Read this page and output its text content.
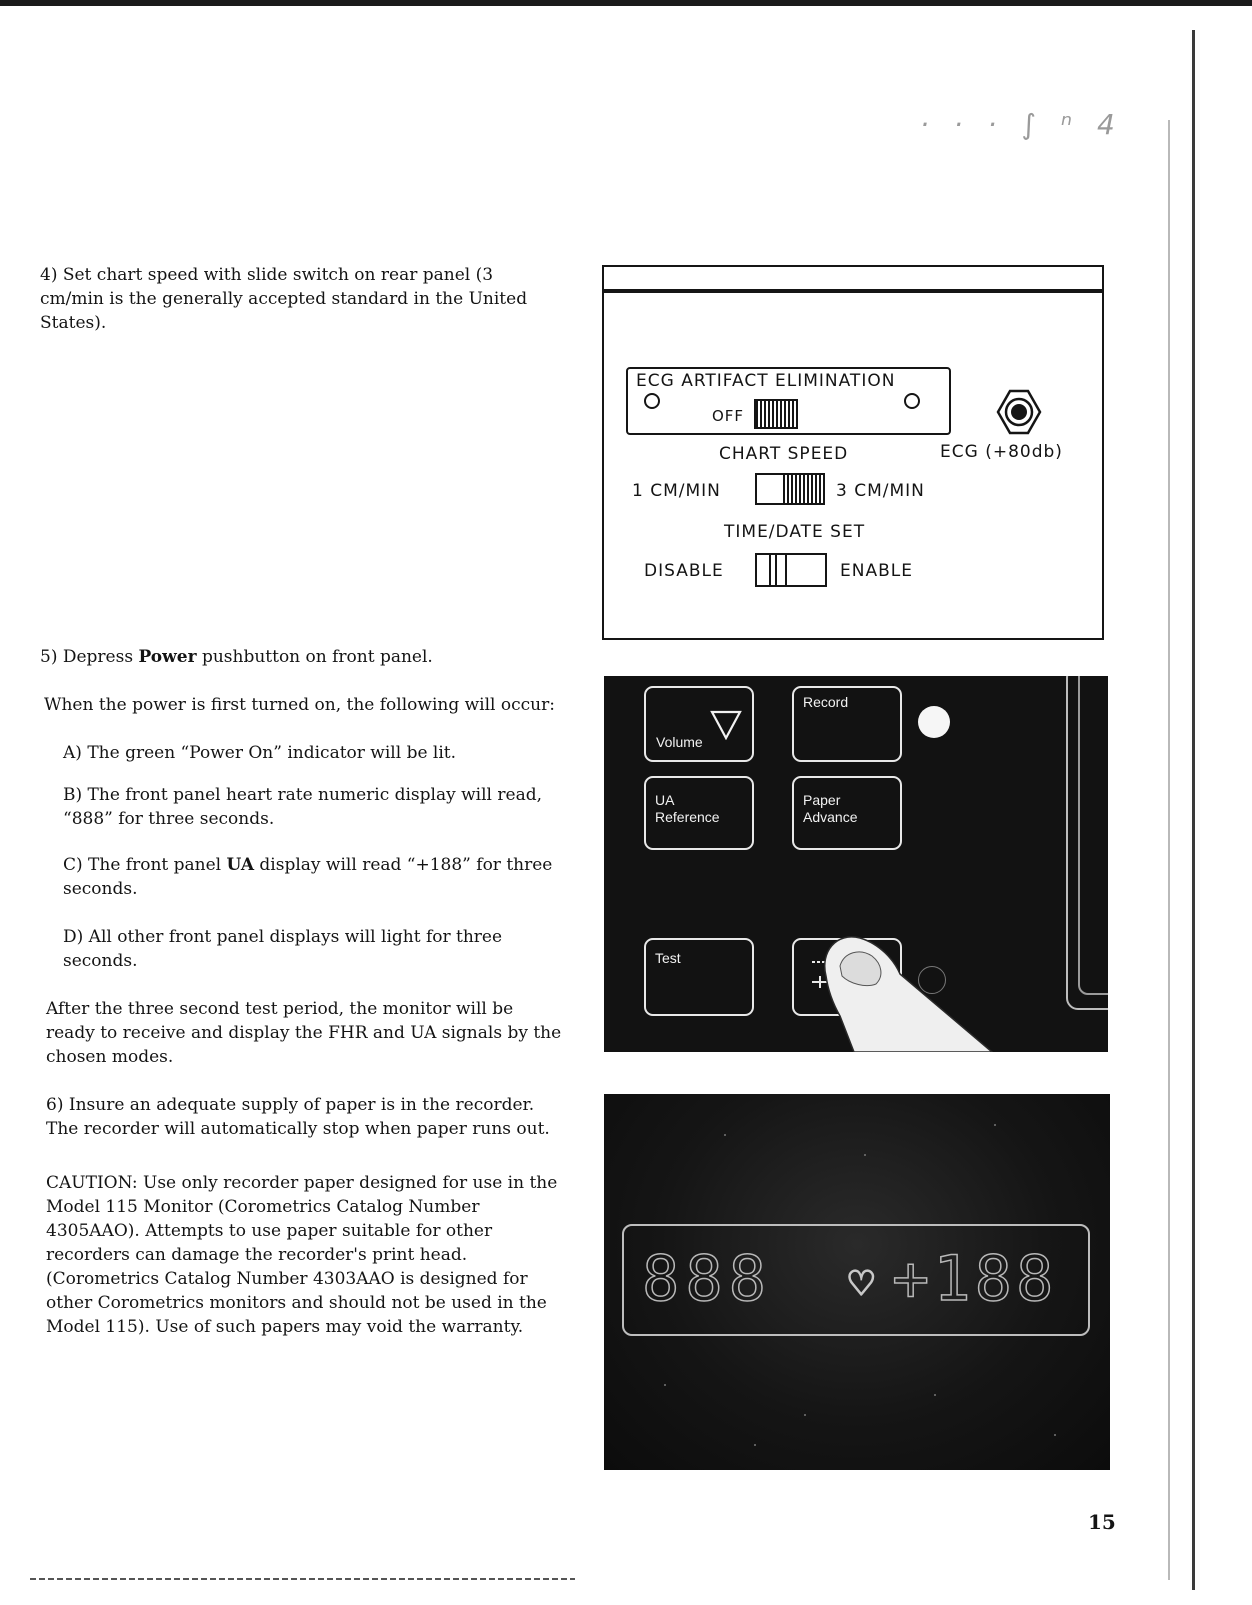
· · · ∫ ⁿ 4
4) Set chart speed with slide switch on rear panel (3 cm/min is the generally accepted standard in the United States).
5) Depress Power pushbutton on front panel.
When the power is first turned on, the following will occur:
A) The green “Power On” indicator will be lit.
B) The front panel heart rate numeric display will read, “888” for three seconds.
C) The front panel UA display will read “+188” for three seconds.
D) All other front panel displays will light for three seconds.
After the three second test period, the monitor will be ready to receive and display the FHR and UA signals by the chosen modes.
6) Insure an adequate supply of paper is in the recorder. The recorder will automatically stop when paper runs out.
CAUTION: Use only recorder paper designed for use in the Model 115 Monitor (Corometrics Catalog Number 4305AAO). Attempts to use paper suitable for other recorders can damage the recorder's print head. (Corometrics Catalog Number 4303AAO is designed for other Corometrics monitors and should not be used in the Model 115). Use of such papers may void the warranty.
15
ECG ARTIFACT ELIMINATION
OFF
ECG (+80db)
CHART SPEED
1 CM/MIN	3 CM/MIN
TIME/DATE SET
DISABLE	ENABLE
Volume
Record
UA
Reference
Paper
Advance
Test
888 ♡ +188
